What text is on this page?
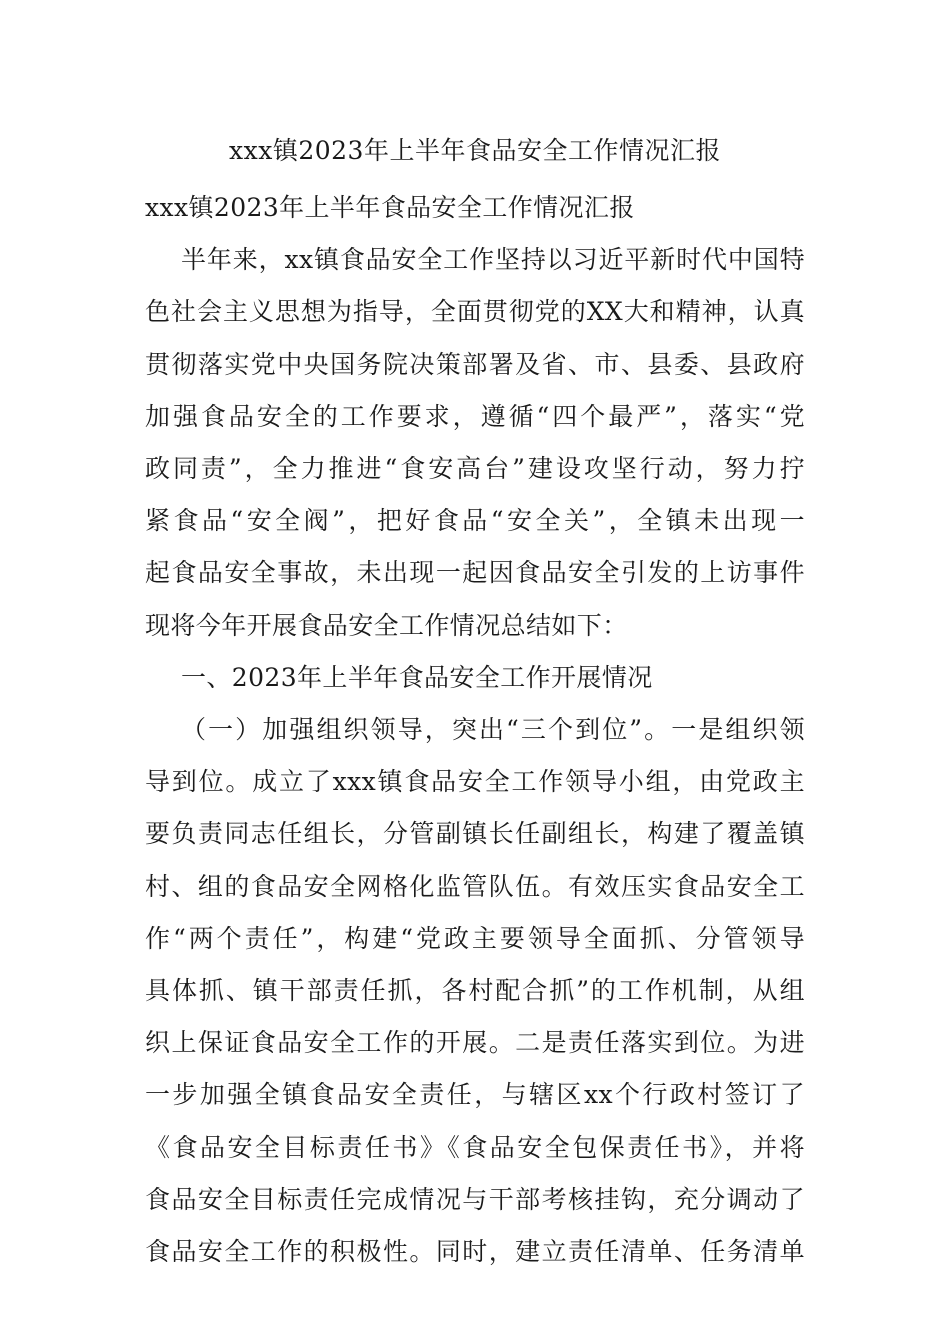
xxx镇2023年上半年食品安全工作情况汇报
xxx镇2023年上半年食品安全工作情况汇报
半年来，xx镇食品安全工作坚持以习近平新时代中国特
色社会主义思想为指导，全面贯彻党的XX大和精神，认真
贯彻落实党中央国务院决策部署及省、市、县委、县政府
加强食品安全的工作要求，遵循“四个最严”，落实“党
政同责”，全力推进“食安高台”建设攻坚行动，努力拧
紧食品“安全阀”，把好食品“安全关”，全镇未出现一
起食品安全事故，未出现一起因食品安全引发的上访事件
现将今年开展食品安全工作情况总结如下：
一、2023年上半年食品安全工作开展情况
（一）加强组织领导，突出“三个到位”。一是组织领
导到位。成立了xxx镇食品安全工作领导小组，由党政主
要负责同志任组长，分管副镇长任副组长，构建了覆盖镇
村、组的食品安全网格化监管队伍。有效压实食品安全工
作“两个责任”，构建“党政主要领导全面抓、分管领导
具体抓、镇干部责任抓，各村配合抓”的工作机制，从组
织上保证食品安全工作的开展。二是责任落实到位。为进
一步加强全镇食品安全责任，与辖区xx个行政村签订了
《食品安全目标责任书》《食品安全包保责任书》，并将
食品安全目标责任完成情况与干部考核挂钩，充分调动了
食品安全工作的积极性。同时，建立责任清单、任务清单
